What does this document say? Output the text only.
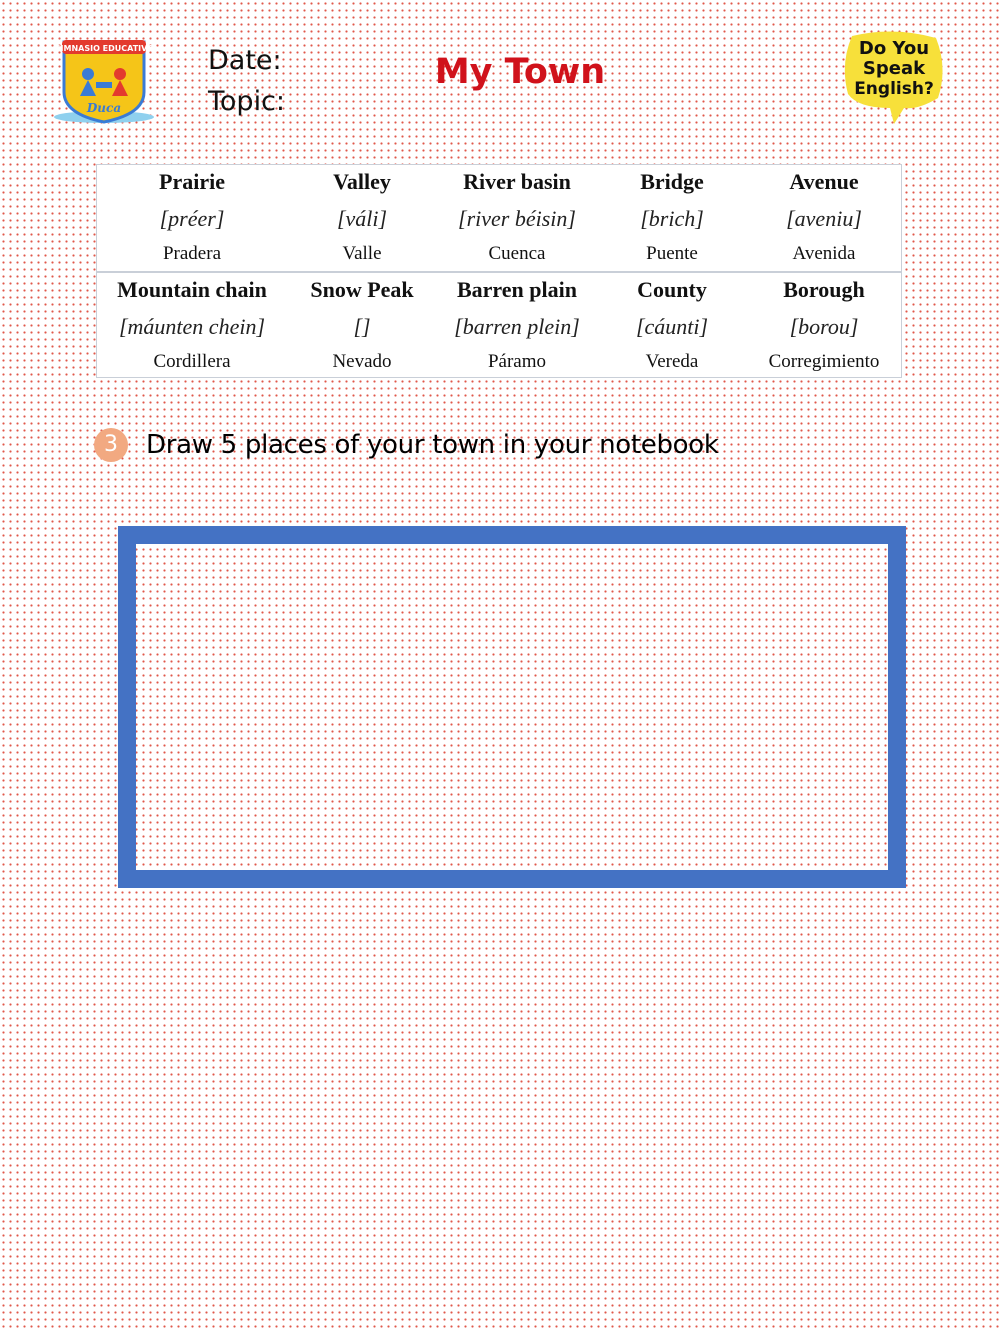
GIMNASIO EDUCATIVO
Duca
Date:
Topic:
My Town
Do You
Speak
English?
Prairie
[préer]
Pradera
Valley
[váli]
Valle
River basin
[river béisin]
Cuenca
Bridge
[brich]
Puente
Avenue
[aveniu]
Avenida
Mountain chain
[máunten chein]
Cordillera
Snow Peak
[]
Nevado
Barren plain
[barren plein]
Páramo
County
[cáunti]
Vereda
Borough
[borou]
Corregimiento
3	Draw 5 places of your town in your notebook
